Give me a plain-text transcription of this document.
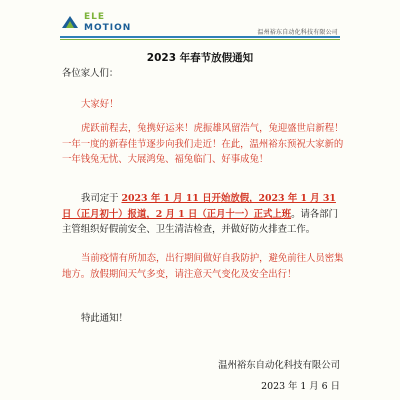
ELE
MOTION	温州裕东自动化科技有限公司
2023 年春节放假通知
各位家人们：
大家好！
虎跃前程去，兔携好运来！虎振雄风留浩气，兔迎盛世启新程！一年一度的新春佳节逐步向我们走近！在此，温州裕东预祝大家新的一年钱兔无忧、大展鸿兔、福兔临门、好事成兔！
我司定于 2023 年 1 月 11 日开始放假，2023 年 1 月 31 日（正月初十）报道，2 月 1 日（正月十一）正式上班。请各部门主管组织好假前安全、卫生清洁检查，并做好防火排查工作。
当前疫情有所加态，出行期间做好自我防护，避免前往人员密集地方。放假期间天气多变，请注意天气变化及安全出行！
特此通知！
温州裕东自动化科技有限公司
2023 年 1 月 6 日
